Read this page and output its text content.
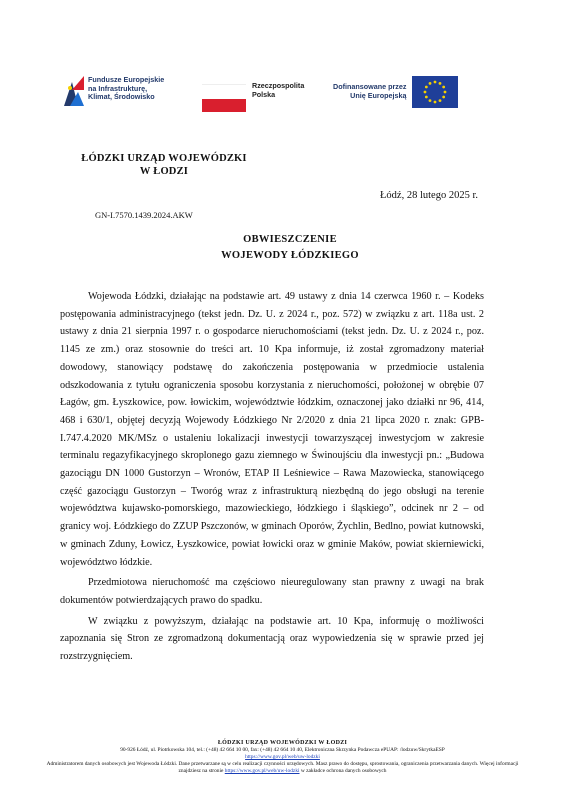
Fundusze Europejskie
na Infrastrukturę,
Klimat, Środowisko
Rzeczpospolita
Polska
Dofinansowane przez
Unię Europejską
ŁÓDZKI URZĄD WOJEWÓDZKI
W ŁODZI
Łódź, 28 lutego 2025 r.
GN-I.7570.1439.2024.AKW
OBWIESZCZENIE
WOJEWODY ŁÓDZKIEGO

Wojewoda Łódzki, działając na podstawie art. 49 ustawy z dnia 14 czerwca 1960 r. – Kodeks postępowania administracyjnego (tekst jedn. Dz. U. z 2024 r., poz. 572) w związku z art. 118a ust. 2 ustawy z dnia 21 sierpnia 1997 r. o gospodarce nieruchomościami (tekst jedn. Dz. U. z 2024 r., poz. 1145 ze zm.) oraz stosownie do treści art. 10 Kpa informuje, iż został zgromadzony materiał dowodowy, stanowiący podstawę do zakończenia postępowania w przedmiocie ustalenia odszkodowania z tytułu ograniczenia sposobu korzystania z nieruchomości, położonej w obrębie 07 Łagów, gm. Łyszkowice, pow. łowickim, województwie łódzkim, oznaczonej jako działki nr 96, 414, 468 i 630/1, objętej decyzją Wojewody Łódzkiego Nr 2/2020 z dnia 21 lipca 2020 r. znak: GPB-I.747.4.2020 MK/MSz o ustaleniu lokalizacji inwestycji towarzyszącej inwestycjom w zakresie terminalu regazyfikacyjnego skroplonego gazu ziemnego w Świnoujściu dla inwestycji pn.: „Budowa gazociągu DN 1000 Gustorzyn – Wronów, ETAP II Leśniewice – Rawa Mazowiecka, stanowiącego część gazociągu Gustorzyn – Tworóg wraz z infrastrukturą niezbędną do jego obsługi na terenie województwa kujawsko-pomorskiego, mazowieckiego, łódzkiego i śląskiego”, odcinek nr 2 – od granicy woj. Łódzkiego do ZZUP Pszczonów, w gminach Oporów, Żychlin, Bedlno, powiat kutnowski, w gminach Zduny, Łowicz, Łyszkowice, powiat łowicki oraz w gminie Maków, powiat skierniewicki, województwo łódzkie.

Przedmiotowa nieruchomość ma częściowo nieuregulowany stan prawny z uwagi na brak dokumentów potwierdzających prawo do spadku.

W związku z powyższym, działając na podstawie art. 10 Kpa, informuję o możliwości zapoznania się Stron ze zgromadzoną dokumentacją oraz wypowiedzenia się w sprawie przed jej rozstrzygnięciem.

ŁÓDZKI URZĄD WOJEWÓDZKI W ŁODZI
90-926 Łódź, ul. Piotrkowska 104, tel.: (+48) 42 664 10 00, fax: (+48) 42 664 10 40, Elektroniczna Skrzynka Podawcza ePUAP: /lodzuw/SkrytkaESP
https://www.gov.pl/web/uw-lodzki
Administratorem danych osobowych jest Wojewoda Łódzki. Dane przetwarzane są w celu realizacji czynności urzędowych. Masz prawo do dostępu, sprostowania, ograniczenia przetwarzania danych. Więcej informacji znajdziesz na stronie https://www.gov.pl/web/uw-lodzki w zakładce ochrona danych osobowych
